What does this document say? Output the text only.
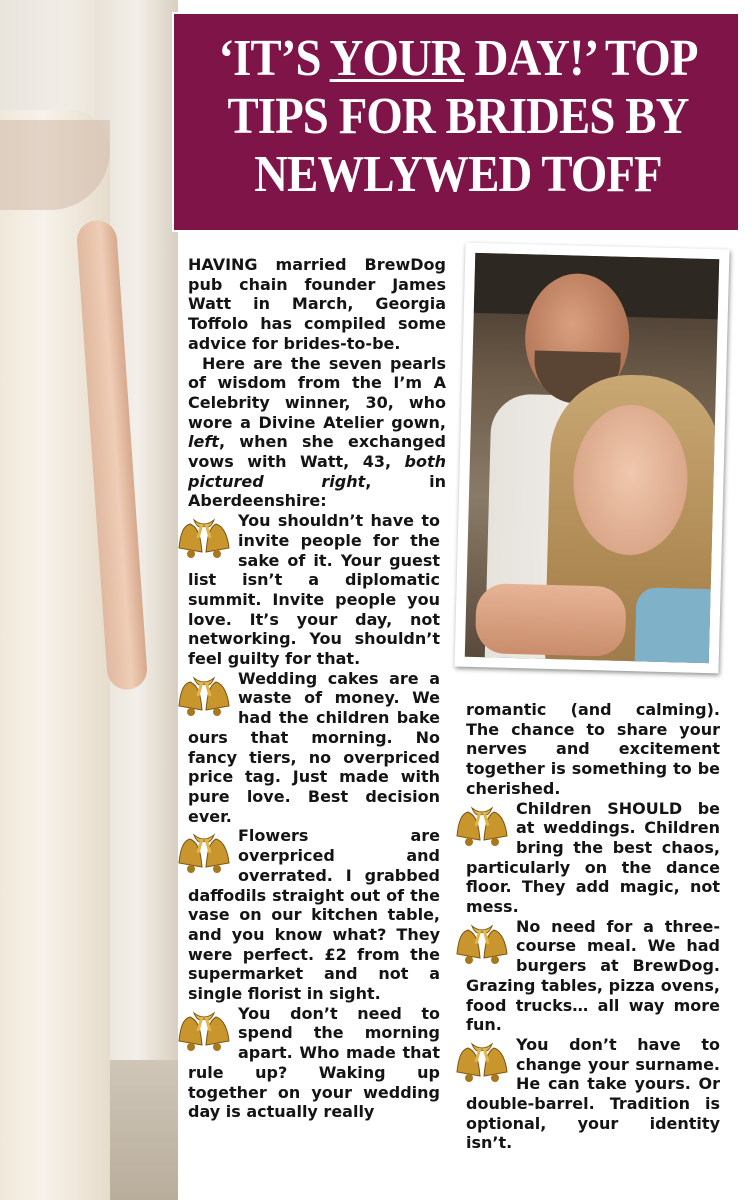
‘IT’S YOUR DAY!’ TOP TIPS FOR BRIDES BY NEWLYWED TOFF

HAVING married BrewDog pub chain founder James Watt in March, Georgia Toffolo has compiled some advice for brides-to-be.

Here are the seven pearls of wisdom from the I’m A Celebrity winner, 30, who wore a Divine Atelier gown, left, when she exchanged vows with Watt, 43, both pictured right, in Aberdeenshire:

You shouldn’t have to invite people for the sake of it. Your guest list isn’t a diplomatic summit. Invite people you love. It’s your day, not networking. You shouldn’t feel guilty for that.

Wedding cakes are a waste of money. We had the children bake ours that morning. No fancy tiers, no overpriced price tag. Just made with pure love. Best decision ever.

Flowers are overpriced and overrated. I grabbed daffodils straight out of the vase on our kitchen table, and you know what? They were perfect. £2 from the supermarket and not a single florist in sight.

You don’t need to spend the morning apart. Who made that rule up? Waking up together on your wedding day is actually really

romantic (and calming). The chance to share your nerves and excitement together is something to be cherished.

Children SHOULD be at weddings. Children bring the best chaos, particularly on the dance floor. They add magic, not mess.

No need for a three-course meal. We had burgers at BrewDog. Grazing tables, pizza ovens, food trucks… all way more fun.

You don’t have to change your surname. He can take yours. Or double-barrel. Tradition is optional, your identity isn’t.
